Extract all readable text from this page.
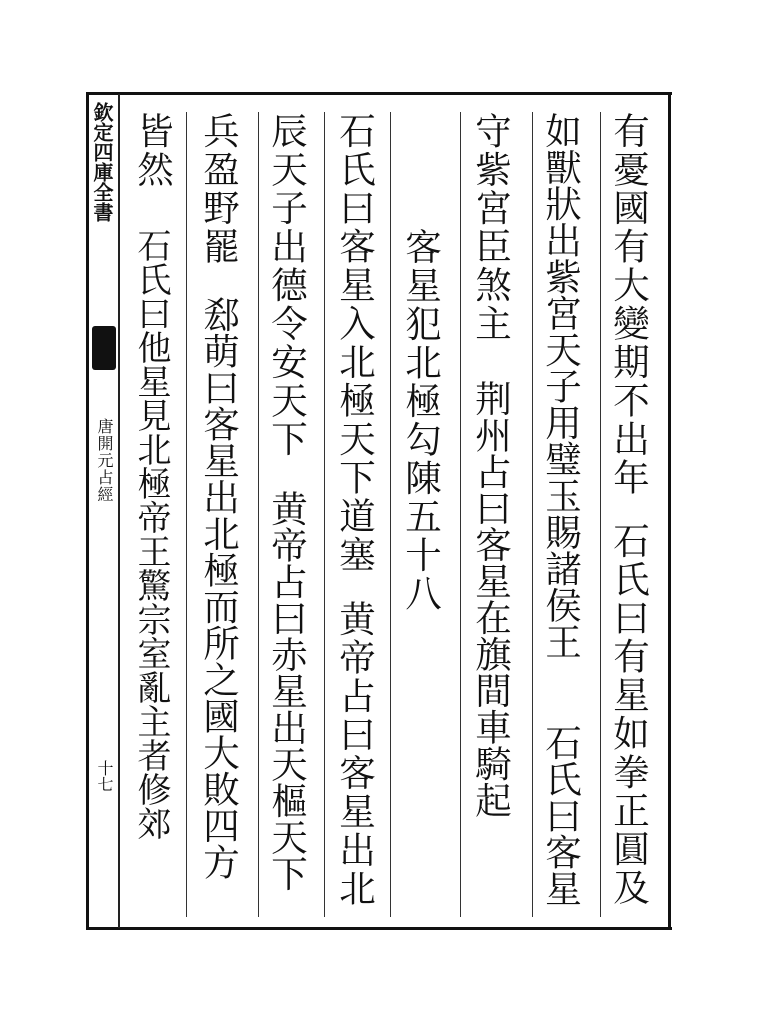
欽定四庫全書
唐開元占經
十七
有憂國有大變期不出年
石氏曰有星如拳正圓及
如獸狀出紫宮天子用璧玉賜諸侯王
石氏曰客星
守紫宮臣煞主
荆州占曰客星在旗間車騎起
客星犯北極勾陳五十八
石氏曰客星入北極天下道塞
黄帝占曰客星出北
辰天子出德令安天下
黄帝占曰赤星出天樞天下
兵盈野罷
郄萌曰客星出北極而所之國大敗四方
皆然
石氏曰他星見北極帝王驚宗室亂主者修郊
